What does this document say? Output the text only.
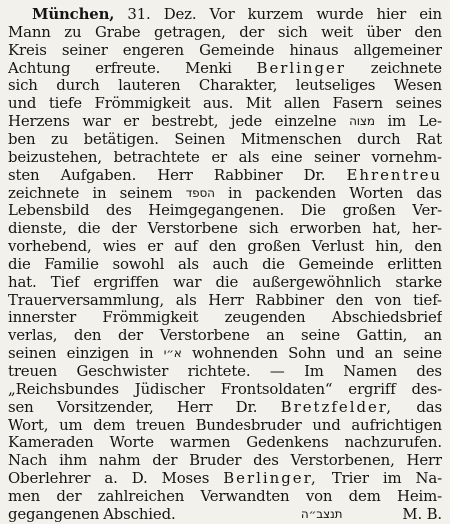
München, 31. Dez. Vor kurzem wurde hier ein
Mann zu Grabe getragen, der sich weit über den
Kreis seiner engeren Gemeinde hinaus allgemeiner
Achtung erfreute. Menki Berlinger zeichnete
sich durch lauteren Charakter, leutseliges Wesen
und tiefe Frömmigkeit aus. Mit allen Fasern seines
Herzens war er bestrebt, jede einzelne מצוה im Le-
ben zu betätigen. Seinen Mitmenschen durch Rat
beizustehen, betrachtete er als eine seiner vornehm-
sten Aufgaben. Herr Rabbiner Dr. Ehrentreu
zeichnete in seinem הספד in packenden Worten das
Lebensbild des Heimgegangenen. Die großen Ver-
dienste, die der Verstorbene sich erworben hat, her-
vorhebend, wies er auf den großen Verlust hin, den
die Familie sowohl als auch die Gemeinde erlitten
hat. Tief ergriffen war die außergewöhnlich starke
Trauerversammlung, als Herr Rabbiner den von tief-
innerster Frömmigkeit zeugenden Abschiedsbrief
verlas, den der Verstorbene an seine Gattin, an
seinen einzigen in א״י wohnenden Sohn und an seine
treuen Geschwister richtete. — Im Namen des
„Reichsbundes Jüdischer Frontsoldaten“ ergriff des-
sen Vorsitzender, Herr Dr. Bretzfelder, das
Wort, um dem treuen Bundesbruder und aufrichtigen
Kameraden Worte warmen Gedenkens nachzurufen.
Nach ihm nahm der Bruder des Verstorbenen, Herr
Oberlehrer a. D. Moses Berlinger, Trier im Na-
men der zahlreichen Verwandten von dem Heim-
gegangenen Abschied.	תנצב״ה	M. B.
